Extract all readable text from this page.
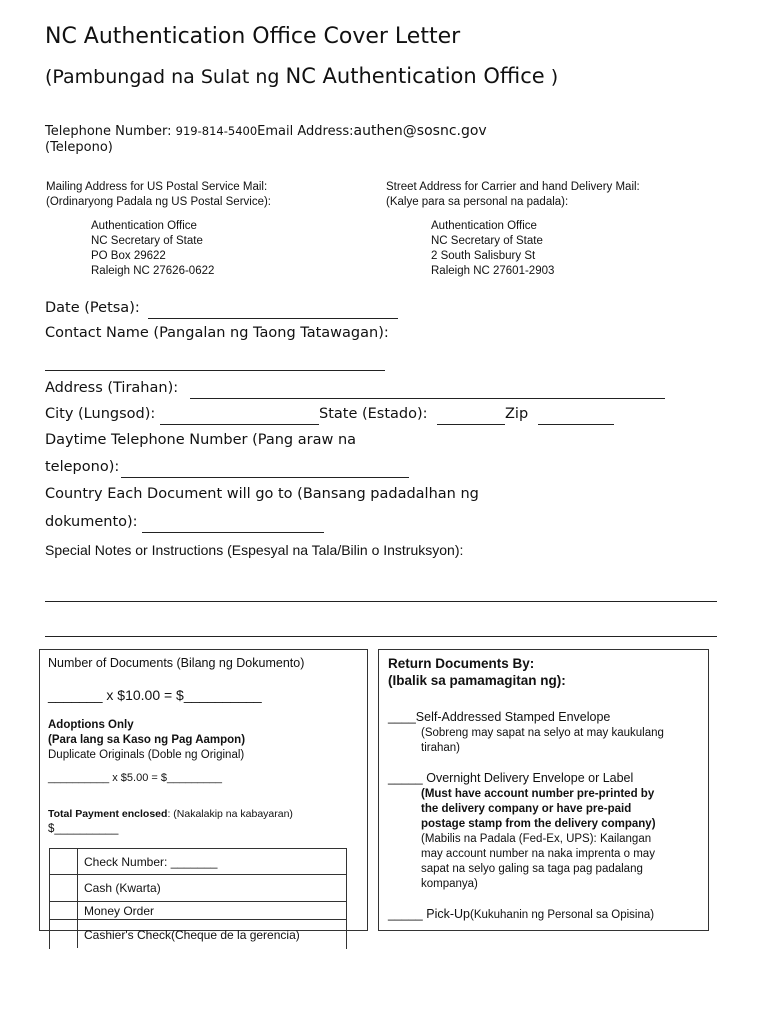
NC Authentication Office Cover Letter
(Pambungad na Sulat ng NC Authentication Office )
Telephone Number: 919-814-5400Email Address:authen@sosnc.gov
(Telepono)
Mailing Address for US Postal Service Mail:
(Ordinaryong Padala ng US Postal Service):
Authentication Office
NC Secretary of State
PO Box 29622
Raleigh NC 27626-0622
Street Address for Carrier and hand Delivery Mail:
(Kalye para sa personal na padala):
Authentication Office
NC Secretary of State
2 South Salisbury St
Raleigh NC 27601-2903
Date (Petsa):
Contact Name (Pangalan ng Taong Tatawagan):
Address (Tirahan):
City (Lungsod):	State (Estado):	Zip
Daytime Telephone Number (Pang araw na
telepono):
Country Each Document will go to (Bansang padadalhan ng
dokumento):
Special Notes or Instructions (Espesyal na Tala/Bilin o Instruksyon):
Number of Documents (Bilang ng Dokumento)
_______ x $10.00 = $__________
Adoptions Only
(Para lang sa Kaso ng Pag Aampon)
Duplicate Originals (Doble ng Original)
__________ x $5.00 = $_________
Total Payment enclosed: (Nakalakip na kabayaran)
$__________
Check Number: _______
Cash (Kwarta)
Money Order
Cashier's Check(Cheque de la gerencia)
Return Documents By:
(Ibalik sa pamamagitan ng):
____Self-Addressed Stamped Envelope
(Sobreng may sapat na selyo at may kaukulang
tirahan)
_____ Overnight Delivery Envelope or Label
(Must have account number pre-printed by
the delivery company or have pre-paid
postage stamp from the delivery company)
(Mabilis na Padala (Fed-Ex, UPS): Kailangan
may account number na naka imprenta o may
sapat na selyo galing sa taga pag padalang
kompanya)
_____ Pick-Up(Kukuhanin ng Personal sa Opisina)
